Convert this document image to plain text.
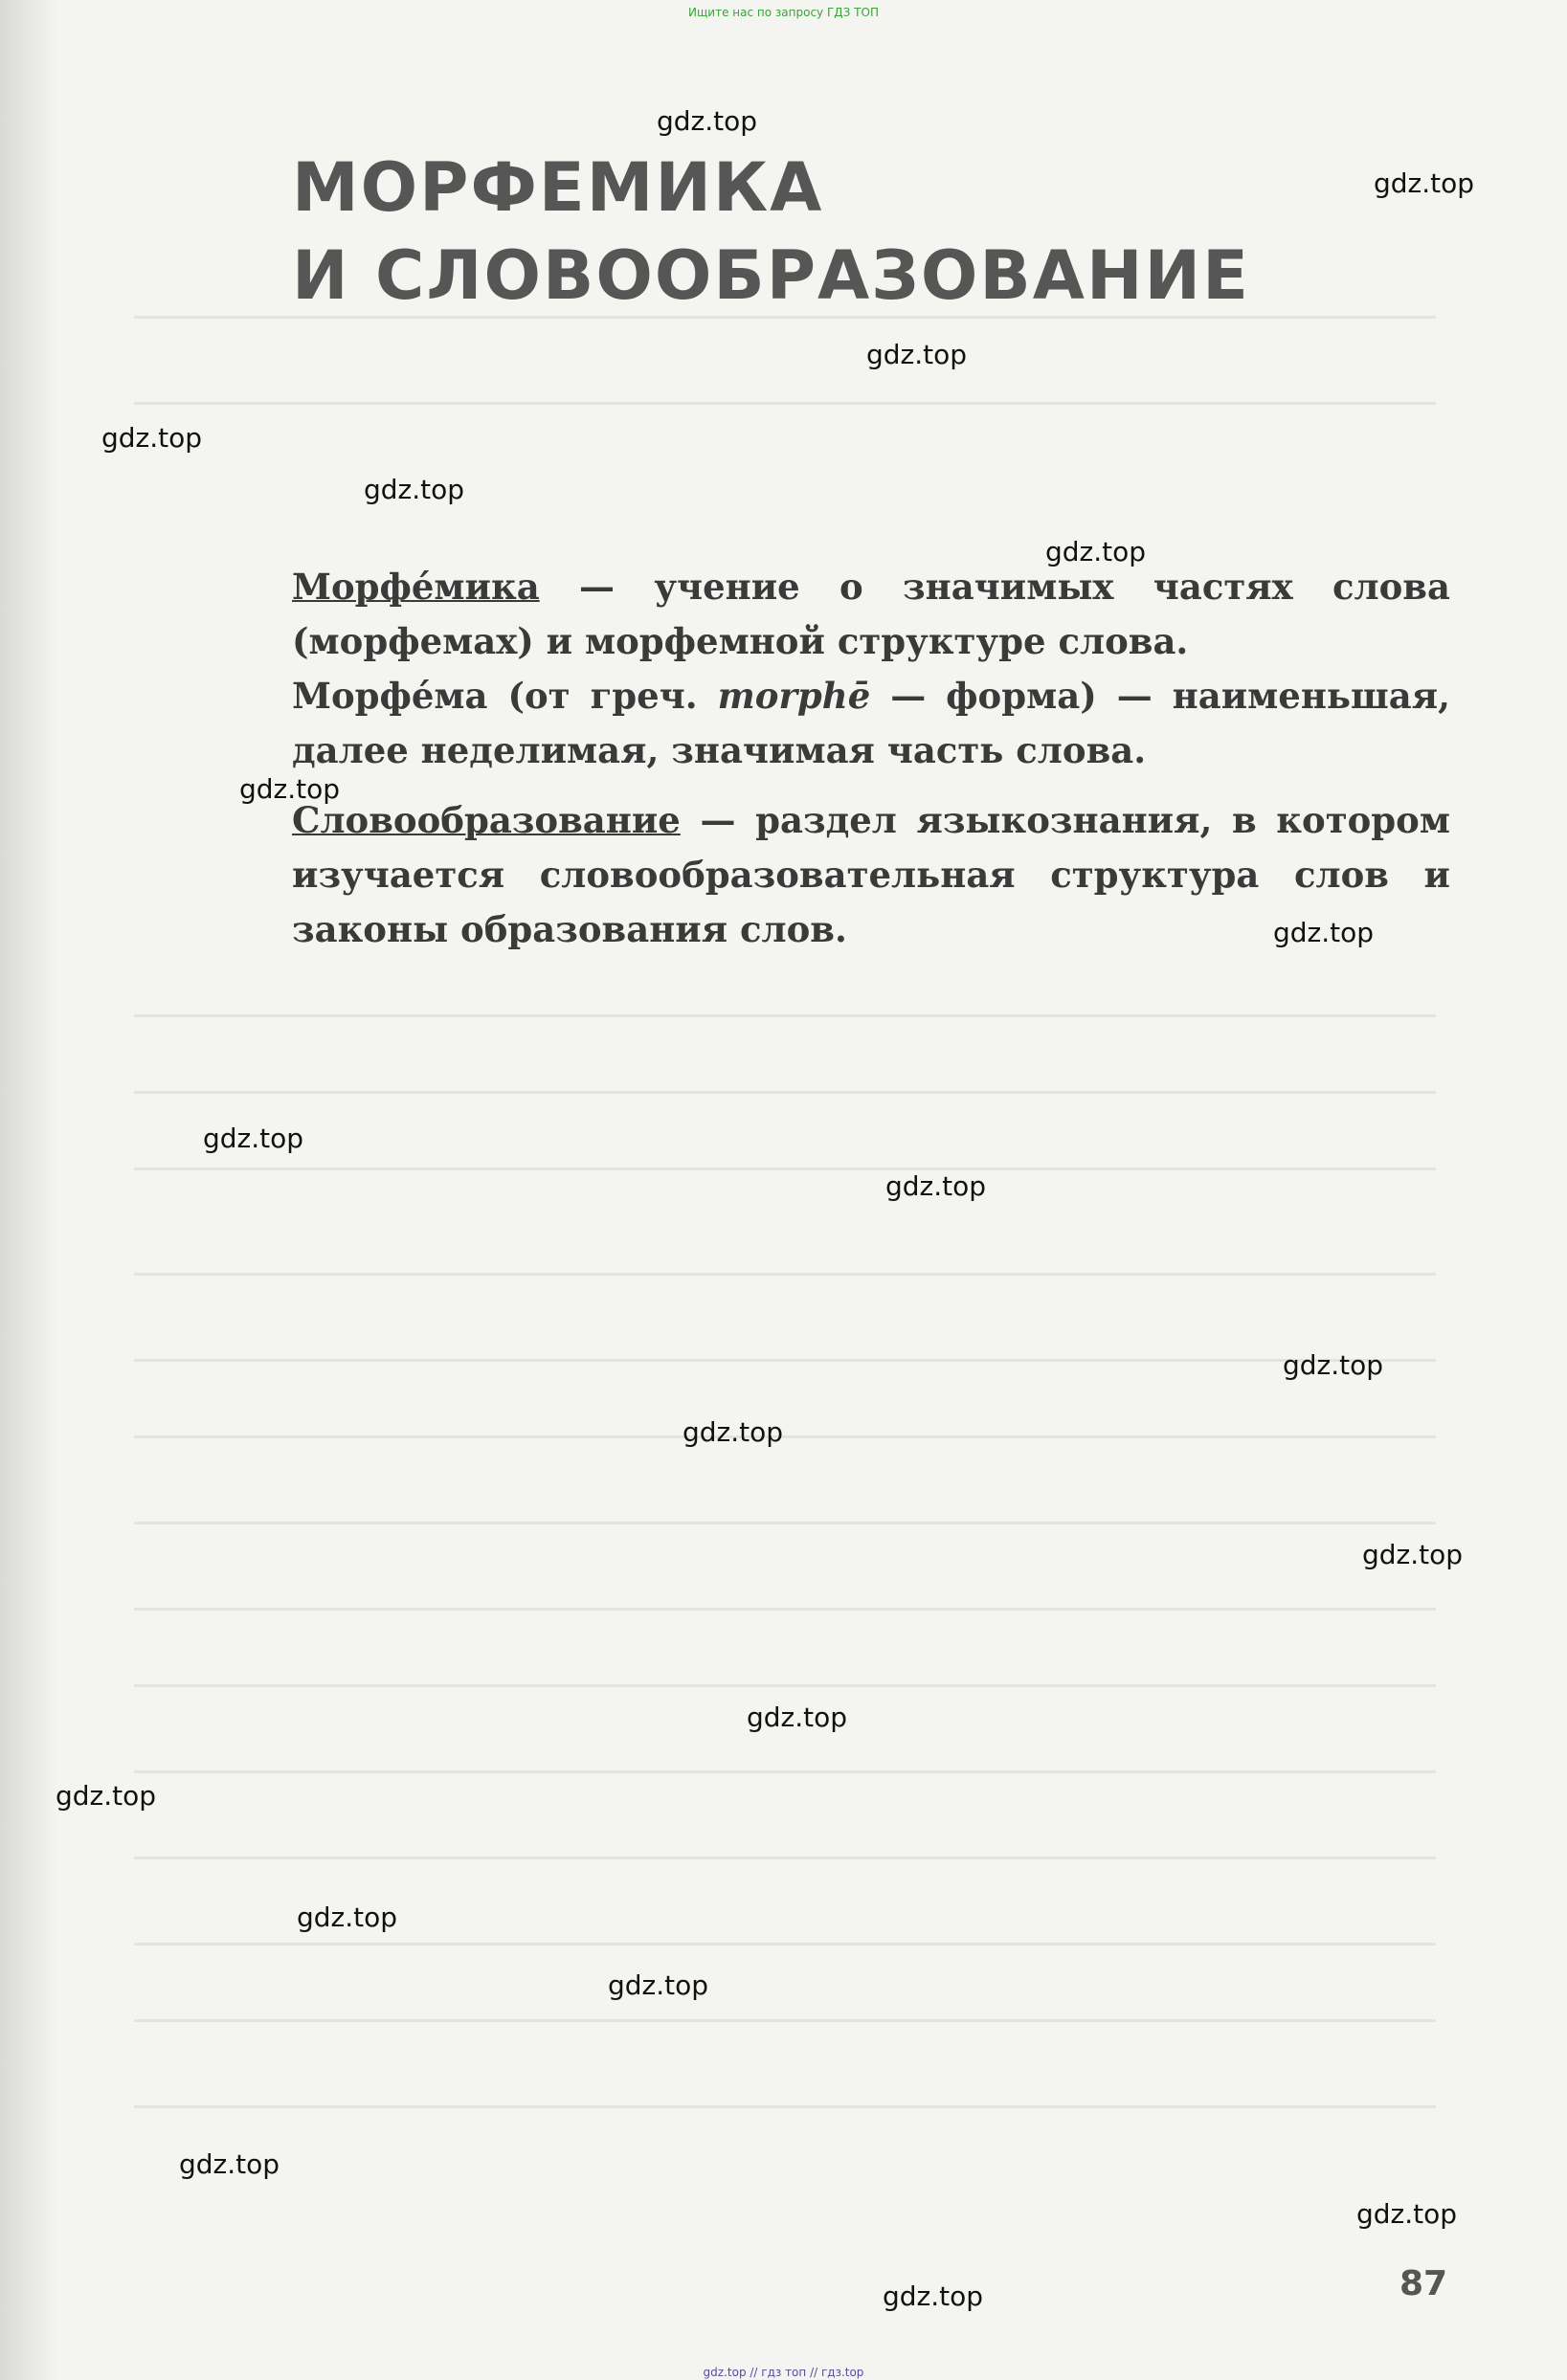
Ищите нас по запросу ГДЗ ТОП
МОРФЕМИКА
И СЛОВООБРАЗОВАНИЕ

Морфе́мика — учение о значимых частях слова (морфемах) и морфемной структуре слова.

Морфе́ма (от греч. morphē — форма) — наименьшая, далее неделимая, значимая часть слова.

Словообразование — раздел языкознания, в котором изучается словообразовательная структура слов и законы образования слов.

gdz.top
gdz.top
gdz.top
gdz.top
gdz.top
gdz.top
gdz.top
gdz.top
gdz.top
gdz.top
gdz.top
gdz.top
gdz.top
gdz.top
gdz.top
gdz.top
gdz.top
gdz.top
gdz.top
gdz.top	87
gdz.top // гдз топ // гдз.top
